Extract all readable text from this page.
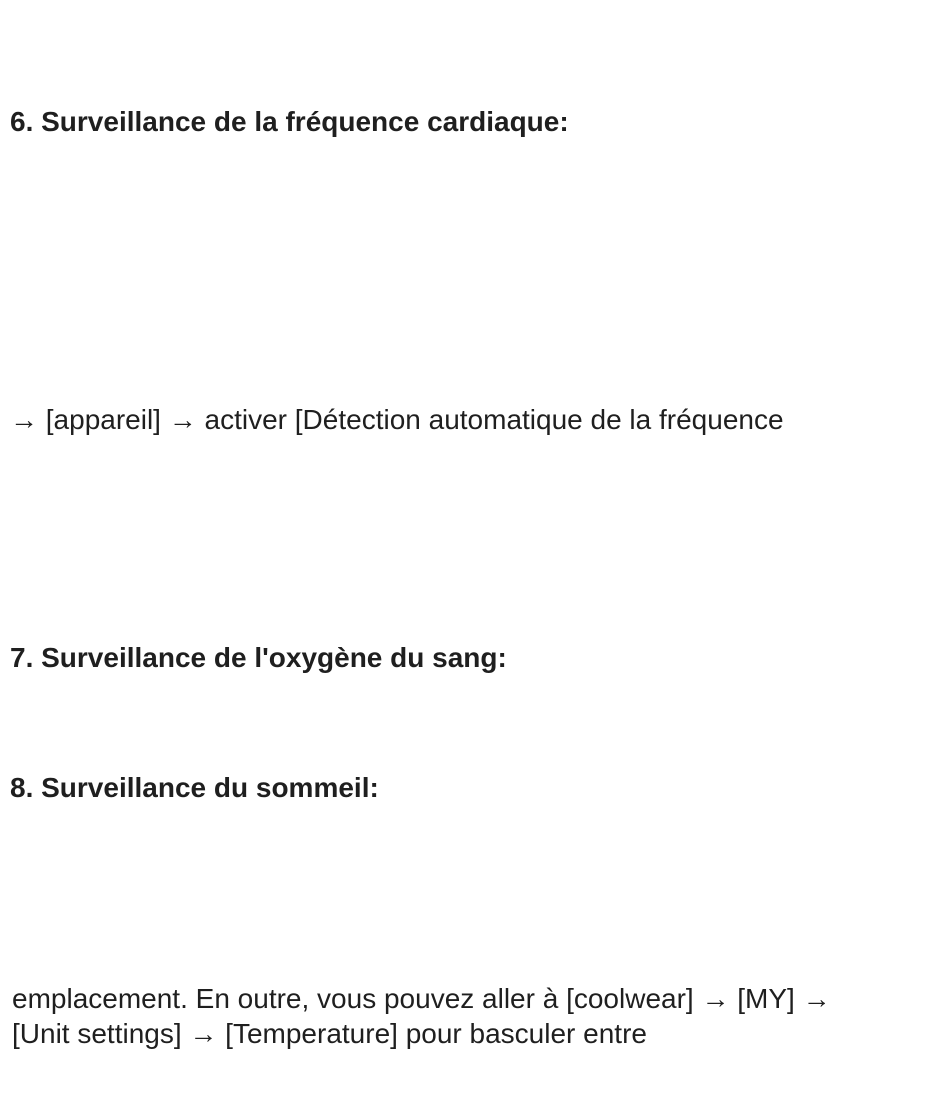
6. Surveillance de la fréquence cardiaque:
→ [appareil] → activer [Détection automatique de la fréquence
7. Surveillance de l'oxygène du sang:
8. Surveillance du sommeil:
emplacement. En outre, vous pouvez aller à [coolwear] → [MY] →
[Unit settings] → [Temperature] pour basculer entre
